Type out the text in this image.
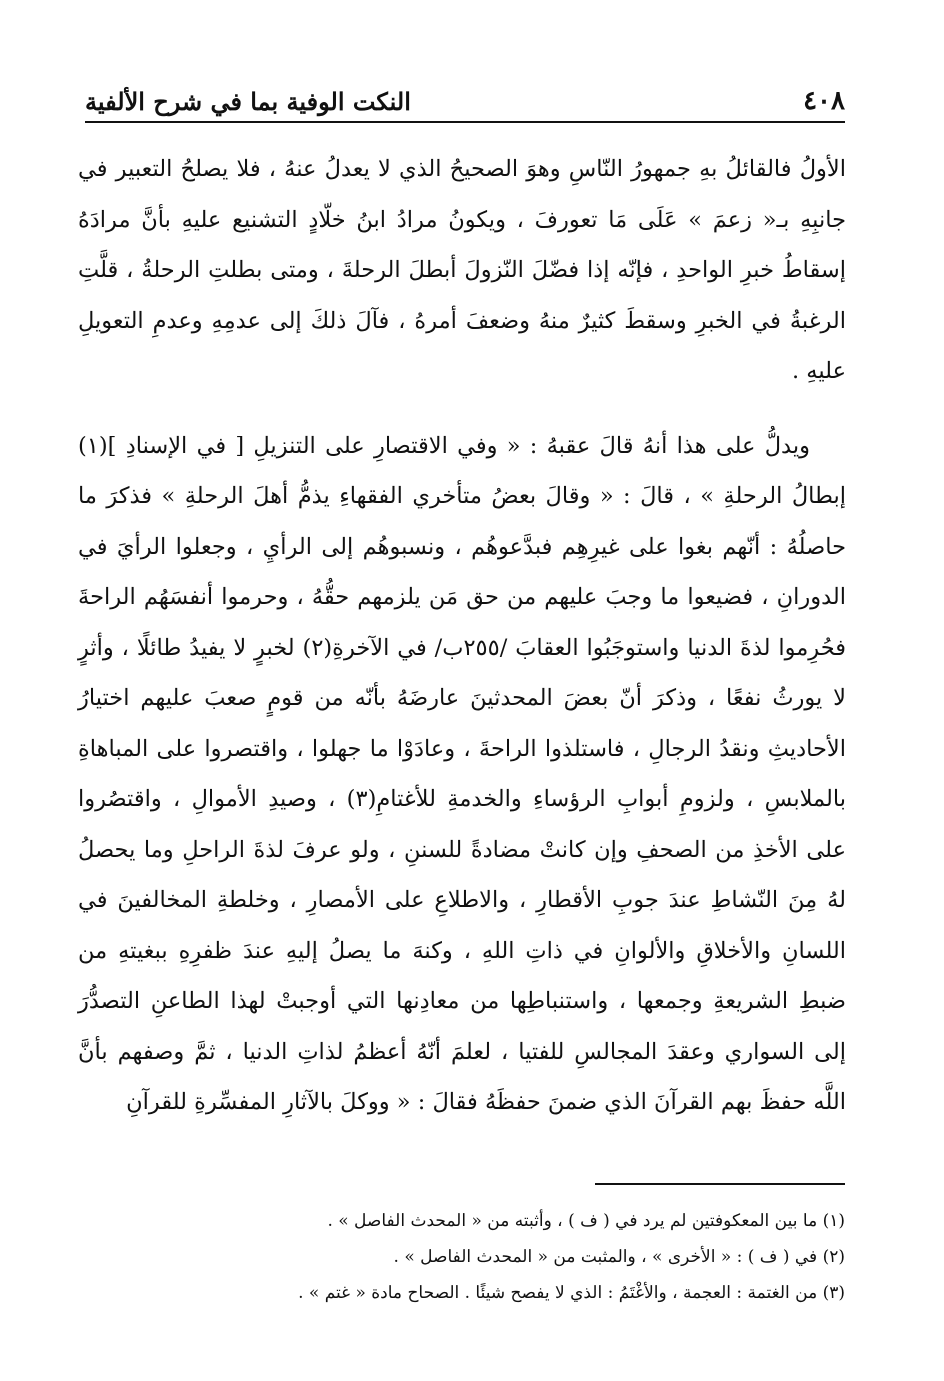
٤٠٨
النكت الوفية بما في شرح الألفية

الأولُ فالقائلُ بهِ جمهورُ النّاسِ وهوَ الصحيحُ الذي لا يعدلُ عنهُ ، فلا يصلحُ التعبير في جانبِهِ بـ« زعمَ » عَلَى مَا تعورفَ ، ويكونُ مرادُ ابنُ خلّادٍ التشنيع عليهِ بأنَّ مرادَهُ إسقاطُ خبرِ الواحدِ ، فإنّه إذا فضّلَ النّزولَ أبطلَ الرحلةَ ، ومتى بطلتِ الرحلةُ ، قلَّتِ الرغبةُ في الخبرِ وسقطَ كثيرٌ منهُ وضعفَ أمرهُ ، فآلَ ذلكَ إلى عدمِهِ وعدمِ التعويلِ عليهِ .

ويدلُّ على هذا أنهُ قالَ عقبهُ : « وفي الاقتصارِ على التنزيلِ [ في الإسنادِ ](١) إبطالُ الرحلةِ » ، قالَ : « وقالَ بعضُ متأخري الفقهاءِ يذمُّ أهلَ الرحلةِ » فذكرَ ما حاصلُهُ : أنّهم بغوا على غيرِهِم فبدَّعوهُم ، ونسبوهُم إلى الرأيِ ، وجعلوا الرأيَ في الدورانِ ، فضيعوا ما وجبَ عليهم من حق مَن يلزمهم حقُّهُ ، وحرموا أنفسَهُم الراحةَ فحُرِموا لذةَ الدنيا واستوجَبُوا العقابَ /٢٥٥ب/ في الآخرةِ(٢) لخبرٍ لا يفيدُ طائلًا ، وأثرٍ لا يورثُ نفعًا ، وذكرَ أنّ بعضَ المحدثينَ عارضَهُ بأنّه من قومٍ صعبَ عليهم اختيارُ الأحاديثِ ونقدُ الرجالِ ، فاستلذوا الراحةَ ، وعادَوْا ما جهلوا ، واقتصروا على المباهاةِ بالملابسِ ، ولزومِ أبوابِ الرؤساءِ والخدمةِ للأغتامِ(٣) ، وصيدِ الأموالِ ، واقتصُروا على الأخذِ من الصحفِ وإن كانتْ مضادةً للسننِ ، ولو عرفَ لذةَ الراحلِ وما يحصلُ لهُ مِنَ النّشاطِ عندَ جوبِ الأقطارِ ، والاطلاعِ على الأمصارِ ، وخلطةِ المخالفينَ في اللسانِ والأخلاقِ والألوانِ في ذاتِ اللهِ ، وكنهَ ما يصلُ إليهِ عندَ ظفرِهِ ببغيتهِ من ضبطِ الشريعةِ وجمعها ، واستنباطِها من معادِنها التي أوجبتْ لهذا الطاعنِ التصدُّرَ إلى السواري وعقدَ المجالسِ للفتيا ، لعلمَ أنّهُ أعظمُ لذاتِ الدنيا ، ثمَّ وصفهم بأنَّ اللَّه حفظَ بهم القرآنَ الذي ضمنَ حفظَهُ فقالَ : « ووكلَ بالآثارِ المفسِّرةِ للقرآنِ

(١) ما بين المعكوفتين لم يرد في ( ف ) ، وأثبته من « المحدث الفاصل » .
(٢) في ( ف ) : « الأخرى » ، والمثبت من « المحدث الفاصل » .
(٣) من الغتمة : العجمة ، والأغْتَمُ : الذي لا يفصح شيئًا . الصحاح مادة « غتم » .
